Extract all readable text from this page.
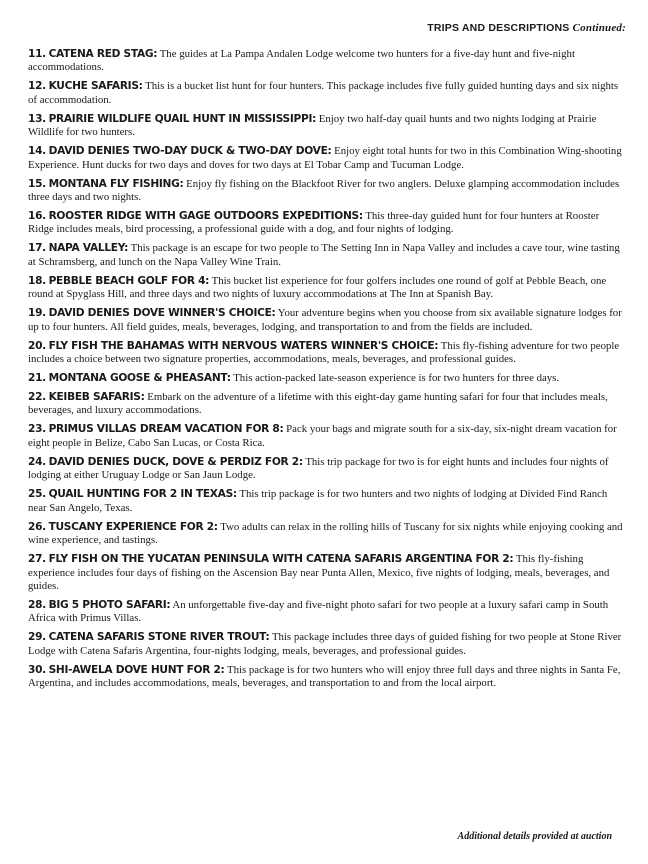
TRIPS AND DESCRIPTIONS Continued:
11. CATENA RED STAG: The guides at La Pampa Andalen Lodge welcome two hunters for a five-day hunt and five-night accommodations.
12. KUCHE SAFARIS: This is a bucket list hunt for four hunters. This package includes five fully guided hunting days and six nights of accommodation.
13. PRAIRIE WILDLIFE QUAIL HUNT IN MISSISSIPPI: Enjoy two half-day quail hunts and two nights lodging at Prairie Wildlife for two hunters.
14. DAVID DENIES TWO-DAY DUCK & TWO-DAY DOVE: Enjoy eight total hunts for two in this Combination Wing-shooting Experience. Hunt ducks for two days and doves for two days at El Tobar Camp and Tucuman Lodge.
15. MONTANA FLY FISHING: Enjoy fly fishing on the Blackfoot River for two anglers. Deluxe glamping accommodation includes three days and two nights.
16. ROOSTER RIDGE WITH GAGE OUTDOORS EXPEDITIONS: This three-day guided hunt for four hunters at Rooster Ridge includes meals, bird processing, a professional guide with a dog, and four nights of lodging.
17. NAPA VALLEY: This package is an escape for two people to The Setting Inn in Napa Valley and includes a cave tour, wine tasting at Schramsberg, and lunch on the Napa Valley Wine Train.
18. PEBBLE BEACH GOLF FOR 4: This bucket list experience for four golfers includes one round of golf at Pebble Beach, one round at Spyglass Hill, and three days and two nights of luxury accommodations at The Inn at Spanish Bay.
19. DAVID DENIES DOVE WINNER'S CHOICE: Your adventure begins when you choose from six available signature lodges for up to four hunters. All field guides, meals, beverages, lodging, and transportation to and from the fields are included.
20. FLY FISH THE BAHAMAS WITH NERVOUS WATERS WINNER'S CHOICE: This fly-fishing adventure for two people includes a choice between two signature properties, accommodations, meals, beverages, and professional guides.
21. MONTANA GOOSE & PHEASANT: This action-packed late-season experience is for two hunters for three days.
22. KEIBEB SAFARIS: Embark on the adventure of a lifetime with this eight-day game hunting safari for four that includes meals, beverages, and luxury accommodations.
23. PRIMUS VILLAS DREAM VACATION FOR 8: Pack your bags and migrate south for a six-day, six-night dream vacation for eight people in Belize, Cabo San Lucas, or Costa Rica.
24. DAVID DENIES DUCK, DOVE & PERDIZ FOR 2: This trip package for two is for eight hunts and includes four nights of lodging at either Uruguay Lodge or San Jaun Lodge.
25. QUAIL HUNTING FOR 2 IN TEXAS: This trip package is for two hunters and two nights of lodging at Divided Find Ranch near San Angelo, Texas.
26. TUSCANY EXPERIENCE FOR 2: Two adults can relax in the rolling hills of Tuscany for six nights while enjoying cooking and wine experience, and tastings.
27. FLY FISH ON THE YUCATAN PENINSULA WITH CATENA SAFARIS ARGENTINA FOR 2: This fly-fishing experience includes four days of fishing on the Ascension Bay near Punta Allen, Mexico, five nights of lodging, meals, beverages, and guides.
28. BIG 5 PHOTO SAFARI: An unforgettable five-day and five-night photo safari for two people at a luxury safari camp in South Africa with Primus Villas.
29. CATENA SAFARIS STONE RIVER TROUT: This package includes three days of guided fishing for two people at Stone River Lodge with Catena Safaris Argentina, four-nights lodging, meals, beverages, and professional guides.
30. SHI-AWELA DOVE HUNT FOR 2: This package is for two hunters who will enjoy three full days and three nights in Santa Fe, Argentina, and includes accommodations, meals, beverages, and transportation to and from the local airport.
Additional details provided at auction
